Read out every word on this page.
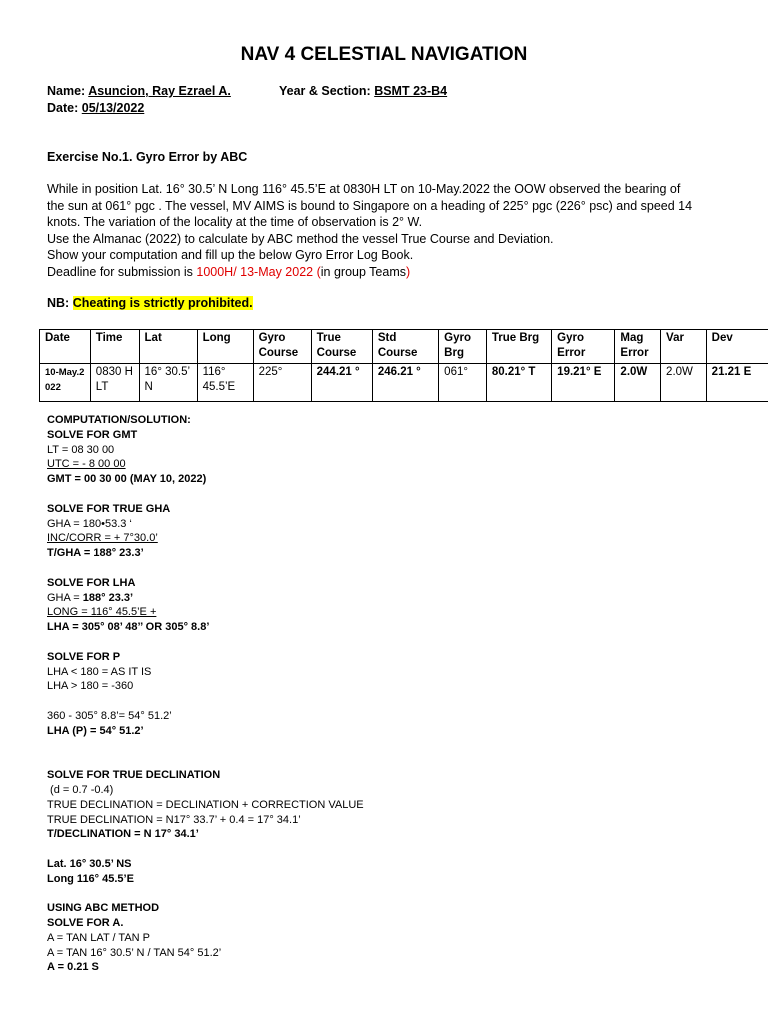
NAV 4 CELESTIAL NAVIGATION
Name: Asuncion, Ray Ezrael A.	Year & Section: BSMT 23-B4
Date: 05/13/2022
Exercise No.1. Gyro Error by ABC
While in position Lat. 16° 30.5’ N Long 116° 45.5’E at 0830H LT on 10-May.2022 the OOW observed the bearing of
the sun at 061° pgc . The vessel, MV AIMS is bound to Singapore on a heading of 225° pgc (226° psc) and speed 14
knots. The variation of the locality at the time of observation is 2° W.
Use the Almanac (2022) to calculate by ABC method the vessel True Course and Deviation.
Show your computation and fill up the below Gyro Error Log Book.
Deadline for submission is 1000H/ 13-May 2022 (in group Teams)
NB: Cheating is strictly prohibited.
Date	Time	Lat	Long	Gyro Course	True Course	Std Course	Gyro Brg	True Brg	Gyro Error	Mag Error	Var	Dev
10-May.2022	0830 H LT	16° 30.5’ N	116° 45.5’E	225°	244.21 °	246.21 °	061°	80.21° T	19.21° E	2.0W	2.0W	21.21 E
COMPUTATION/SOLUTION:
SOLVE FOR GMT
LT = 08 30 00
UTC = - 8 00 00
GMT = 00 30 00 (MAY 10, 2022)
SOLVE FOR TRUE GHA
GHA = 180•53.3 ‘
INC/CORR = + 7°30.0’
T/GHA = 188° 23.3’
SOLVE FOR LHA
GHA = 188° 23.3’
LONG = 116° 45.5’E +
LHA = 305° 08’ 48’’ OR 305° 8.8’
SOLVE FOR P
LHA < 180 = AS IT IS
LHA > 180 = -360
360 - 305° 8.8’= 54° 51.2’
LHA (P) = 54° 51.2’
SOLVE FOR TRUE DECLINATION
(d = 0.7 -0.4)
TRUE DECLINATION = DECLINATION + CORRECTION VALUE
TRUE DECLINATION = N17° 33.7’ + 0.4 = 17° 34.1’
T/DECLINATION = N 17° 34.1’
Lat. 16° 30.5’ NS
Long 116° 45.5’E
USING ABC METHOD
SOLVE FOR A.
A = TAN LAT / TAN P
A = TAN 16° 30.5’ N / TAN 54° 51.2’
A = 0.21 S
